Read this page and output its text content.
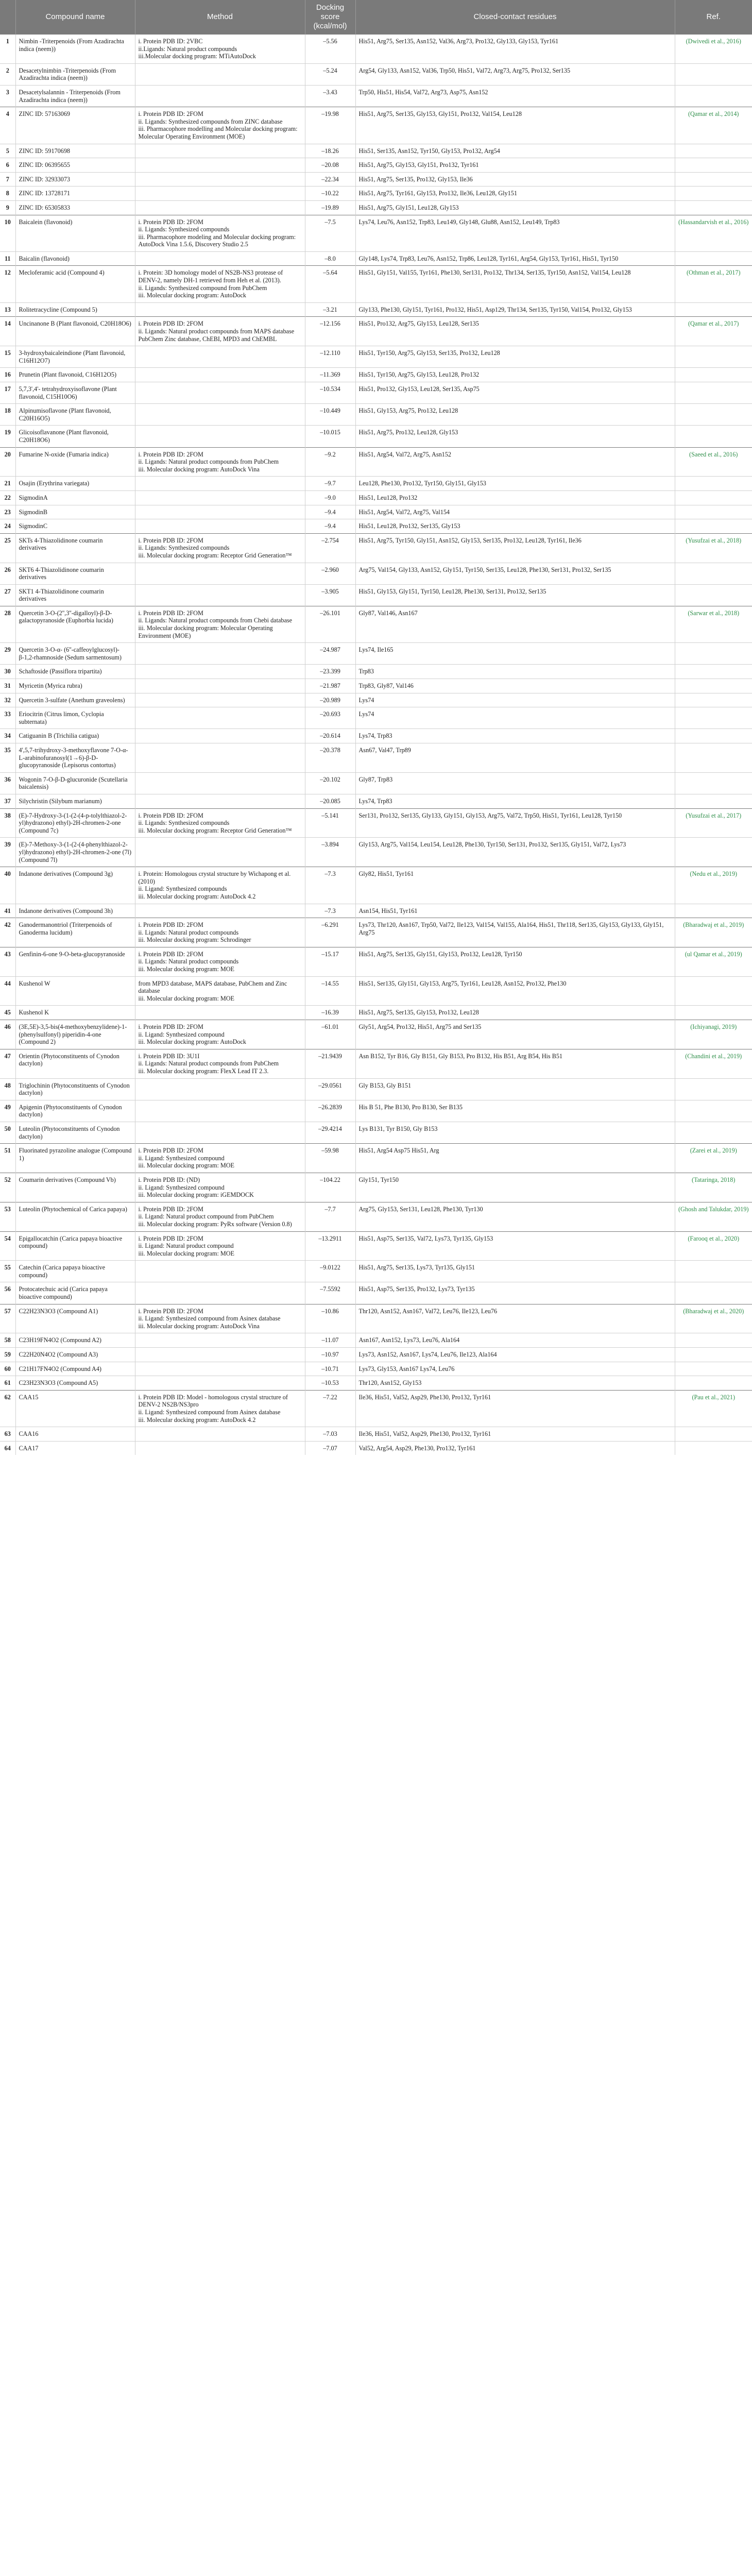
	Compound name	Method	Docking score (kcal/mol)	Closed-contact residues	Ref.
1	Nimbin -Triterpenoids (From Azadirachta indica (neem))	i. Protein PDB ID: 2VBC
ii.Ligands: Natural product compounds
iii.Molecular docking program: MTiAutoDock	–5.56	His51, Arg75, Ser135, Asn152, Val36, Arg73, Pro132, Gly133, Gly153, Tyr161	(Dwivedi et al., 2016)
2	Desacetylnimbin -Triterpenoids (From Azadirachta indica (neem))		–5.24	Arg54, Gly133, Asn152, Val36, Trp50, His51, Val72, Arg73, Arg75, Pro132, Ser135	
3	Desacetylsalannin - Triterpenoids (From Azadirachta indica (neem))		–3.43	Trp50, His51, His54, Val72, Arg73, Asp75, Asn152	
4	ZINC ID: 57163069	i. Protein PDB ID: 2FOM
ii. Ligands: Synthesized compounds from ZINC database
iii. Pharmacophore modelling and Molecular docking program: Molecular Operating Environment (MOE)	–19.98	His51, Arg75, Ser135, Gly153, Gly151, Pro132, Val154, Leu128	(Qamar et al., 2014)
5	ZINC ID: 59170698		–18.26	His51, Ser135, Asn152, Tyr150, Gly153, Pro132, Arg54	
6	ZINC ID: 06395655		–20.08	His51, Arg75, Gly153, Gly151, Pro132, Tyr161	
7	ZINC ID: 32933073		–22.34	His51, Arg75, Ser135, Pro132, Gly153, Ile36	
8	ZINC ID: 13728171		–10.22	His51, Arg75, Tyr161, Gly153, Pro132, Ile36, Leu128, Gly151	
9	ZINC ID: 65305833		–19.89	His51, Arg75, Gly151, Leu128, Gly153	
10	Baicalein (flavonoid)	i. Protein PDB ID: 2FOM
ii. Ligands: Synthesized compounds
iii. Pharmacophore modeling and Molecular docking program: AutoDock Vina 1.5.6, Discovery Studio 2.5	–7.5	Lys74, Leu76, Asn152, Trp83, Leu149, Gly148, Glu88, Asn152, Leu149, Trp83	(Hassandarvish et al., 2016)
11	Baicalin (flavonoid)		–8.0	Gly148, Lys74, Trp83, Leu76, Asn152, Trp86, Leu128, Tyr161, Arg54, Gly153, Tyr161, His51, Tyr150	
12	Mecloferamic acid (Compound 4)	i. Protein: 3D homology model of NS2B-NS3 protease of DENV-2, namely DH-1 retrieved from Heh et al. (2013).
ii. Ligands: Synthesized compound from PubChem
iii. Molecular docking program: AutoDock	–5.64	His51, Gly151, Val155, Tyr161, Phe130, Ser131, Pro132, Thr134, Ser135, Tyr150, Asn152, Val154, Leu128	(Othman et al., 2017)
13	Rolitetracycline (Compound 5)		–3.21	Gly133, Phe130, Gly151, Tyr161, Pro132, His51, Asp129, Thr134, Ser135, Tyr150, Val154, Pro132, Gly153	
14	Uncinanone B (Plant flavonoid, C20H18O6)	i. Protein PDB ID: 2FOM
ii. Ligands: Natural product compounds from MAPS database PubChem Zinc database, ChEBI, MPD3 and ChEMBL	–12.156	His51, Pro132, Arg75, Gly153, Leu128, Ser135	(Qamar et al., 2017)
15	3-hydroxybaicaleindione (Plant flavonoid, C16H12O7)		–12.110	His51, Tyr150, Arg75, Gly153, Ser135, Pro132, Leu128	
16	Prunetin (Plant flavonoid, C16H12O5)		–11.369	His51, Tyr150, Arg75, Gly153, Leu128, Pro132	
17	5,7,3',4'- tetrahydroxyisoflavone (Plant flavonoid, C15H10O6)		–10.534	His51, Pro132, Gly153, Leu128, Ser135, Asp75	
18	Alpinumisoflavone (Plant flavonoid, C20H16O5)		–10.449	His51, Gly153, Arg75, Pro132, Leu128	
19	Glicoisoflavanone (Plant flavonoid, C20H18O6)		–10.015	His51, Arg75, Pro132, Leu128, Gly153	
20	Fumarine N-oxide (Fumaria indica)	i. Protein PDB ID: 2FOM
ii. Ligands: Natural product compounds from PubChem
iii. Molecular docking program: AutoDock Vina	–9.2	His51, Arg54, Val72, Arg75, Asn152	(Saeed et al., 2016)
21	Osajin (Erythrina variegata)		–9.7	Leu128, Phe130, Pro132, Tyr150, Gly151, Gly153	
22	SigmodinA		–9.0	His51, Leu128, Pro132	
23	SigmodinB		–9.4	His51, Arg54, Val72, Arg75, Val154	
24	SigmodinC		–9.4	His51, Leu128, Pro132, Ser135, Gly153	
25	SKTs 4-Thiazolidinone coumarin derivatives	i. Protein PDB ID: 2FOM
ii. Ligands: Synthesized compounds
iii. Molecular docking program: Receptor Grid Generation™	–2.754	His51, Arg75, Tyr150, Gly151, Asn152, Gly153, Ser135, Pro132, Leu128, Tyr161, Ile36	(Yusufzai et al., 2018)
26	SKT6 4-Thiazolidinone coumarin derivatives		–2.960	Arg75, Val154, Gly133, Asn152, Gly151, Tyr150, Ser135, Leu128, Phe130, Ser131, Pro132, Ser135	
27	SKT1 4-Thiazolidinone coumarin derivatives		–3.905	His51, Gly153, Gly151, Tyr150, Leu128, Phe130, Ser131, Pro132, Ser135	
28	Quercetin 3-O-(2'',3''-digalloyl)-β-D-galactopyranoside (Euphorbia lucida)	i. Protein PDB ID: 2FOM
ii. Ligands: Natural product compounds from Chebi database
iii. Molecular docking program: Molecular Operating Environment (MOE)	–26.101	Gly87, Val146, Asn167	(Sarwar et al., 2018)
29	Quercetin 3-O-α- (6''-caffeoylglucosyl)-β-1,2-rhamnoside (Sedum sarmentosum)		–24.987	Lys74, Ile165	
30	Schaftoside (Passiflora tripartita)		–23.399	Trp83	
31	Myricetin (Myrica rubra)		–21.987	Trp83, Gly87, Val146	
32	Quercetin 3-sulfate (Anethum graveolens)		–20.989	Lys74	
33	Eriocitrin (Citrus limon, Cyclopia subternata)		–20.693	Lys74	
34	Catiguanin B (Trichilia catigua)		–20.614	Lys74, Trp83	
35	4',5,7-trihydroxy-3-methoxyflavone 7-O-α-L-arabinofuranosyl(1→6)-β-D-glucopyranoside (Lepisorus contortus)		–20.378	Asn67, Val47, Trp89	
36	Wogonin 7-O-β-D-glucuronide (Scutellaria baicalensis)		–20.102	Gly87, Trp83	
37	Silychristin (Silybum marianum)		–20.085	Lys74, Trp83	
38	(E)-7-Hydroxy-3-(1-(2-(4-p-tolylthiazol-2-yl)hydrazono) ethyl)-2H-chromen-2-one (Compound 7c)	i. Protein PDB ID: 2FOM
ii. Ligands: Synthesized compounds
iii. Molecular docking program: Receptor Grid Generation™	–5.141	Ser131, Pro132, Ser135, Gly133, Gly151, Gly153, Arg75, Val72, Trp50, His51, Tyr161, Leu128, Tyr150	(Yusufzai et al., 2017)
39	(E)-7-Methoxy-3-(1-(2-(4-phenylthiazol-2-yl)hydrazono) ethyl)-2H-chromen-2-one (7l) (Compound 7l)		–3.894	Gly153, Arg75, Val154, Leu154, Leu128, Phe130, Tyr150, Ser131, Pro132, Ser135, Gly151, Val72, Lys73	
40	Indanone derivatives (Compound 3g)	i. Protein: Homologous crystal structure by Wichapong et al. (2010)
ii. Ligand: Synthesized compounds
iii. Molecular docking program: AutoDock 4.2	–7.3	Gly82, His51, Tyr161	(Nedu et al., 2019)
41	Indanone derivatives (Compound 3h)		–7.3	Asn154, His51, Tyr161	
42	Ganodermanontriol (Triterpenoids of Ganoderma lucidum)	i. Protein PDB ID: 2FOM
ii. Ligands: Natural product compounds
iii. Molecular docking program: Schrodinger	–6.291	Lys73, Thr120, Asn167, Trp50, Val72, Ile123, Val154, Val155, Ala164, His51, Thr118, Ser135, Gly153, Gly133, Gly151, Arg75	(Bharadwaj et al., 2019)
43	Genfinin-6-one 9-O-beta-glucopyranoside	i. Protein PDB ID: 2FOM
ii. Ligands: Natural product compounds
iii. Molecular docking program: MOE	–15.17	His51, Arg75, Ser135, Gly151, Gly153, Pro132, Leu128, Tyr150	(ul Qamar et al., 2019)
44	Kushenol W	from MPD3 database, MAPS database, PubChem and Zinc database
iii. Molecular docking program: MOE	–14.55	His51, Ser135, Gly151, Gly153, Arg75, Tyr161, Leu128, Asn152, Pro132, Phe130	
45	Kushenol K		–16.39	His51, Arg75, Ser135, Gly153, Pro132, Leu128	
46	(3E,5E)-3,5-bis(4-methoxybenzylidene)-1-(phenylsulfonyl) piperidin-4-one (Compound 2)	i. Protein PDB ID: 2FOM
ii. Ligand: Synthesized compound
iii. Molecular docking program: AutoDock	–61.01	Gly51, Arg54, Pro132, His51, Arg75 and Ser135	(Ichiyanagi, 2019)
47	Orientin (Phytoconstituents of Cynodon dactylon)	i. Protein PDB ID: 3U1I
ii. Ligands: Natural product compounds from PubChem
iii. Molecular docking program: FlexX Lead IT 2.3.	–21.9439	Asn B152, Tyr B16, Gly B151, Gly B153, Pro B132, His B51, Arg B54, His B51	(Chandini et al., 2019)
48	Triglochinin (Phytoconstituents of Cynodon dactylon)		–29.0561	Gly B153, Gly B151	
49	Apigenin (Phytoconstituents of Cynodon dactylon)		–26.2839	His B 51, Phe B130, Pro B130, Ser B135	
50	Luteolin (Phytoconstituents of Cynodon dactylon)		–29.4214	Lys B131, Tyr B150, Gly B153	
51	Fluorinated pyrazoline analogue (Compound 1)	i. Protein PDB ID: 2FOM
ii. Ligand: Synthesized compound
iii. Molecular docking program: MOE	–59.98	His51, Arg54 Asp75 His51, Arg	(Zarei et al., 2019)
52	Coumarin derivatives (Compound Vb)	i. Protein PDB ID: (ND)
ii. Ligand: Synthesized compound
iii. Molecular docking program: iGEMDOCK	–104.22	Gly151, Tyr150	(Tataringa, 2018)
53	Luteolin (Phytochemical of Carica papaya)	i. Protein PDB ID: 2FOM
ii. Ligand: Natural product compound from PubChem
iii. Molecular docking program: PyRx software (Version 0.8)	–7.7	Arg75, Gly153, Ser131, Leu128, Phe130, Tyr130	(Ghosh and Talukdar, 2019)
54	Epigallocatchin (Carica papaya bioactive compound)	i. Protein PDB ID: 2FOM
ii. Ligand: Natural product compound
iii. Molecular docking program: MOE	–13.2911	His51, Asp75, Ser135, Val72, Lys73, Tyr135, Gly153	(Farooq et al., 2020)
55	Catechin (Carica papaya bioactive compound)		–9.0122	His51, Arg75, Ser135, Lys73, Tyr135, Gly151	
56	Protocatechuic acid (Carica papaya bioactive compound)		–7.5592	His51, Asp75, Ser135, Pro132, Lys73, Tyr135	
57	C22H23N3O3 (Compound A1)	i. Protein PDB ID: 2FOM
ii. Ligand: Synthesized compound from Asinex database
iii. Molecular docking program: AutoDock Vina	–10.86	Thr120, Asn152, Asn167, Val72, Leu76, Ile123, Leu76	(Bharadwaj et al., 2020)
58	C23H19FN4O2 (Compound A2)		–11.07	Asn167, Asn152, Lys73, Leu76, Ala164	
59	C22H20N4O2 (Compound A3)		–10.97	Lys73, Asn152, Asn167, Lys74, Leu76, Ile123, Ala164	
60	C21H17FN4O2 (Compound A4)		–10.71	Lys73, Gly153, Asn167 Lys74, Leu76	
61	C23H23N3O3 (Compound A5)		–10.53	Thr120, Asn152, Gly153	
62	CAA15	i. Protein PDB ID: Model - homologous crystal structure of DENV-2 NS2B/NS3pro
ii. Ligand: Synthesized compound from Asinex database
iii. Molecular docking program: AutoDock 4.2	–7.22	Ile36, His51, Val52, Asp29, Phe130, Pro132, Tyr161	(Pau et al., 2021)
63	CAA16		–7.03	Ile36, His51, Val52, Asp29, Phe130, Pro132, Tyr161	
64	CAA17		–7.07	Val52, Arg54, Asp29, Phe130, Pro132, Tyr161	
